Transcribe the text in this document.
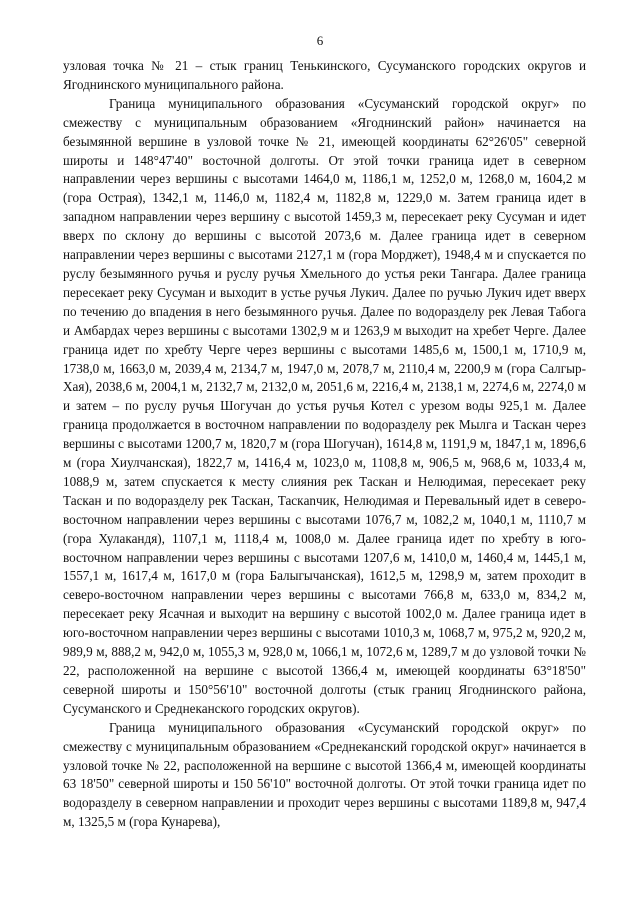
6

узловая точка № 21 – стык границ Тенькинского, Сусуманского городских округов и Ягоднинского муниципального района.

Граница муниципального образования «Сусуманский городской округ» по смежеству с муниципальным образованием «Ягоднинский район» начинается на безымянной вершине в узловой точке № 21, имеющей координаты 62°26'05" северной широты и 148°47'40" восточной долготы. От этой точки граница идет в северном направлении через вершины с высотами 1464,0 м, 1186,1 м, 1252,0 м, 1268,0 м, 1604,2 м (гора Острая), 1342,1 м, 1146,0 м, 1182,4 м, 1182,8 м, 1229,0 м. Затем граница идет в западном направлении через вершину с высотой 1459,3 м, пересекает реку Сусуман и идет вверх по склону до вершины с высотой 2073,6 м. Далее граница идет в северном направлении через вершины с высотами 2127,1 м (гора Морджет), 1948,4 м и спускается по руслу безымянного ручья и руслу ручья Хмельного до устья реки Тангара. Далее граница пересекает реку Сусуман и выходит в устье ручья Лукич. Далее по ручью Лукич идет вверх по течению до впадения в него безымянного ручья. Далее по водоразделу рек Левая Табога и Амбардах через вершины с высотами 1302,9 м и 1263,9 м выходит на хребет Черге. Далее граница идет по хребту Черге через вершины с высотами 1485,6 м, 1500,1 м, 1710,9 м, 1738,0 м, 1663,0 м, 2039,4 м, 2134,7 м, 1947,0 м, 2078,7 м, 2110,4 м, 2200,9 м (гора Салгыр-Хая), 2038,6 м, 2004,1 м, 2132,7 м, 2132,0 м, 2051,6 м, 2216,4 м, 2138,1 м, 2274,6 м, 2274,0 м и затем – по руслу ручья Шогучан до устья ручья Котел с урезом воды 925,1 м. Далее граница продолжается в восточном направлении по водоразделу рек Мылга и Таскан через вершины с высотами 1200,7 м, 1820,7 м (гора Шогучан), 1614,8 м, 1191,9 м, 1847,1 м, 1896,6 м (гора Хиулчанская), 1822,7 м, 1416,4 м, 1023,0 м, 1108,8 м, 906,5 м, 968,6 м, 1033,4 м, 1088,9 м, затем спускается к месту слияния рек Таскан и Нелюдимая, пересекает реку Таскан и по водоразделу рек Таскан, Таскanчик, Нелюдимая и Перевальный идет в северо-восточном направлении через вершины с высотами 1076,7 м, 1082,2 м, 1040,1 м, 1110,7 м (гора Хулакандя), 1107,1 м, 1118,4 м, 1008,0 м. Далее граница идет по хребту в юго-восточном направлении через вершины с высотами 1207,6 м, 1410,0 м, 1460,4 м, 1445,1 м, 1557,1 м, 1617,4 м, 1617,0 м (гора Балыгычанская), 1612,5 м, 1298,9 м, затем проходит в северо-восточном направлении через вершины с высотами 766,8 м, 633,0 м, 834,2 м, пересекает реку Ясачная и выходит на вершину с высотой 1002,0 м. Далее граница идет в юго-восточном направлении через вершины с высотами 1010,3 м, 1068,7 м, 975,2 м, 920,2 м, 989,9 м, 888,2 м, 942,0 м, 1055,3 м, 928,0 м, 1066,1 м, 1072,6 м, 1289,7 м до узловой точки № 22, расположенной на вершине с высотой 1366,4 м, имеющей координаты 63°18'50" северной широты и 150°56'10" восточной долготы (стык границ Ягоднинского района, Сусуманского и Среднеканского городских округов).

Граница муниципального образования «Сусуманский городской округ» по смежеству с муниципальным образованием «Среднеканский городской округ» начинается в узловой точке № 22, расположенной на вершине с высотой 1366,4 м, имеющей координаты 63 18'50" северной широты и 150 56'10" восточной долготы. От этой точки граница идет по водоразделу в северном направлении и проходит через вершины с высотами 1189,8 м, 947,4 м, 1325,5 м (гора Кунарева),
